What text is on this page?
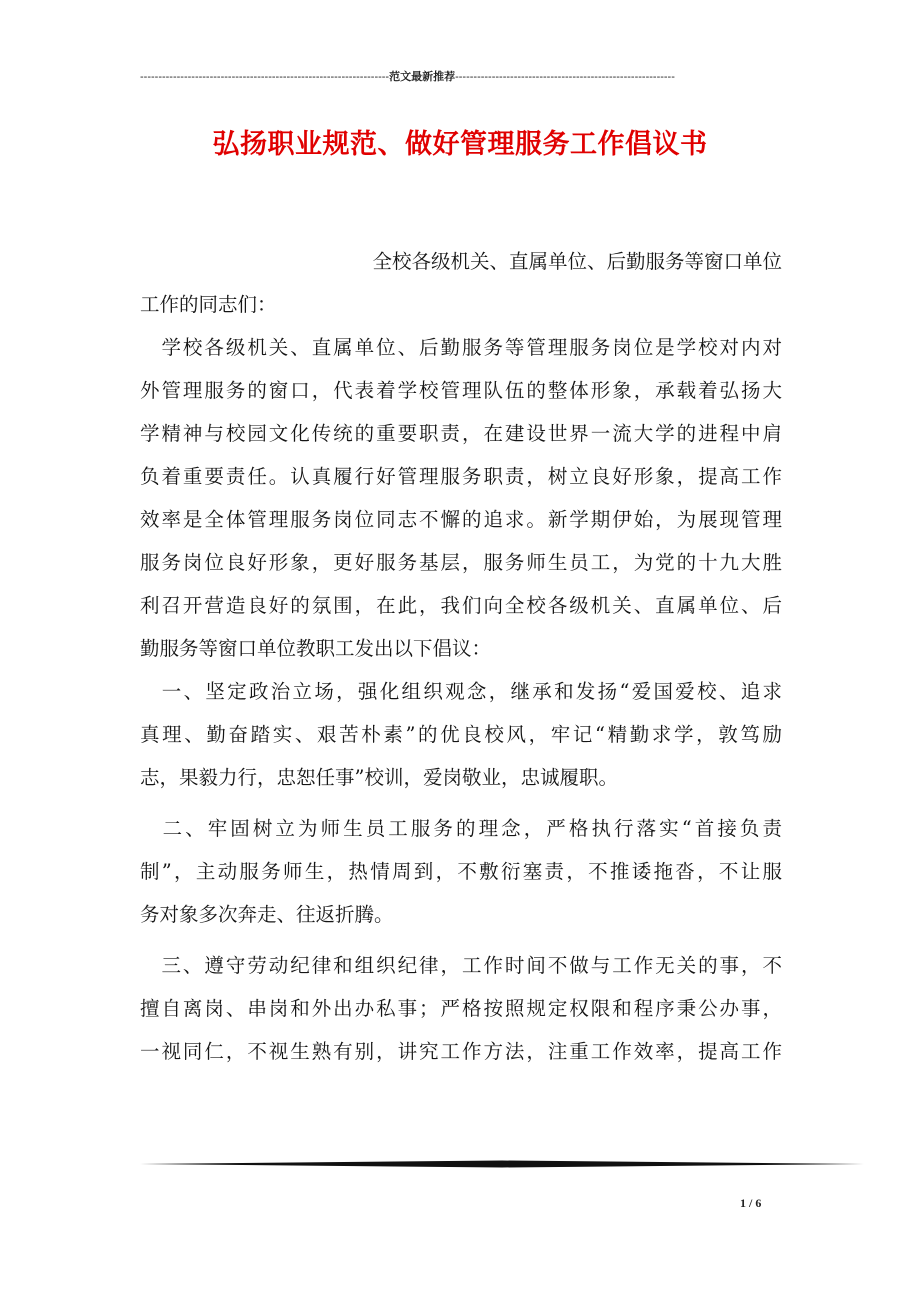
--------------------------------------------------------------------范文最新推荐------------------------------------------------------------
弘扬职业规范、做好管理服务工作倡议书
全校各级机关、直属单位、后勤服务等窗口单位
工作的同志们：
 学校各级机关、直属单位、后勤服务等管理服务岗位是学校对内对
外管理服务的窗口，代表着学校管理队伍的整体形象，承载着弘扬大
学精神与校园文化传统的重要职责，在建设世界一流大学的进程中肩
负着重要责任。认真履行好管理服务职责，树立良好形象，提高工作
效率是全体管理服务岗位同志不懈的追求。新学期伊始，为展现管理
服务岗位良好形象，更好服务基层，服务师生员工，为党的十九大胜
利召开营造良好的氛围，在此，我们向全校各级机关、直属单位、后
勤服务等窗口单位教职工发出以下倡议：
 一、坚定政治立场，强化组织观念，继承和发扬“爱国爱校、追求
真理、勤奋踏实、艰苦朴素”的优良校风，牢记“精勤求学，敦笃励
志，果毅力行，忠恕任事”校训，爱岗敬业，忠诚履职。
 二、牢固树立为师生员工服务的理念，严格执行落实“首接负责
制”，主动服务师生，热情周到，不敷衍塞责，不推诿拖沓，不让服
务对象多次奔走、往返折腾。
 三、遵守劳动纪律和组织纪律，工作时间不做与工作无关的事，不
擅自离岗、串岗和外出办私事；严格按照规定权限和程序秉公办事，
一视同仁，不视生熟有别，讲究工作方法，注重工作效率，提高工作
1 / 6
